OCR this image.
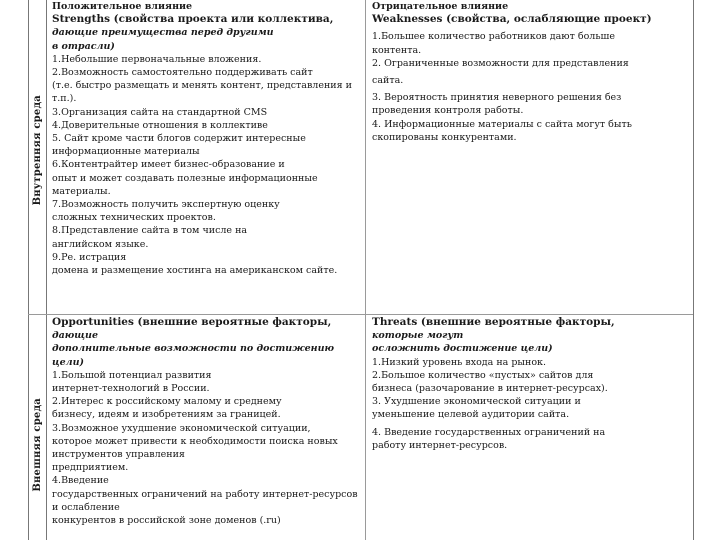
Внутренняя среда
Внешняя среда

Положительное влияние

Strengths (свойства проекта или коллектива,

дающие преимущества перед другими

в отрасли)

1.Небольшие первоначальные вложения.

2.Возможность самостоятельно поддерживать сайт

(т.е. быстро размещать и менять контент, представления и

т.п.).

3.Организация сайта на стандартной CMS

4.Доверительные отношения в коллективе

5. Сайт кроме части блогов содержит интересные

информационные материалы

6.Контентрайтер имеет бизнес-образование и

опыт и может создавать полезные информационные

материалы.

7.Возможность получить экспертную оценку

сложных технических проектов.

8.Представление сайта в том числе на

английском языке.

9.Ре. истрация

домена и размещение хостинга на американском сайте.

Отрицательное влияние

Weaknesses (свойства, ослабляющие проект)

1.Большее количество работников дают больше

контента.

2. Ограниченные возможности для представления

сайта.

3. Вероятность принятия неверного решения без

проведения контроля работы.

4. Информационные материалы с сайта могут быть

скопированы конкурентами.

Opportunities (внешние вероятные факторы,

дающие

дополнительные возможности по достижению цели)

1.Большой потенциал развития

интернет-технологий в России.

2.Интерес к российскому малому и среднему

бизнесу, идеям и изобретениям за границей.

3.Возможное ухудшение экономической ситуации,

которое может привести к необходимости поиска новых

инструментов управления

предприятием.

4.Введение

государственных ограничений на работу интернет-ресурсов

и ослабление

конкурентов в российской зоне доменов (.ru)

Threats (внешние вероятные факторы,

которые могут

осложнить достижение цели)

1.Низкий уровень входа на рынок.

2.Большое количество «пустых» сайтов для

бизнеса (разочарование в интернет-ресурсах).

3. Ухудшение экономической ситуации и

уменьшение целевой аудитории сайта.

4. Введение государственных ограничений на

работу интернет-ресурсов.
